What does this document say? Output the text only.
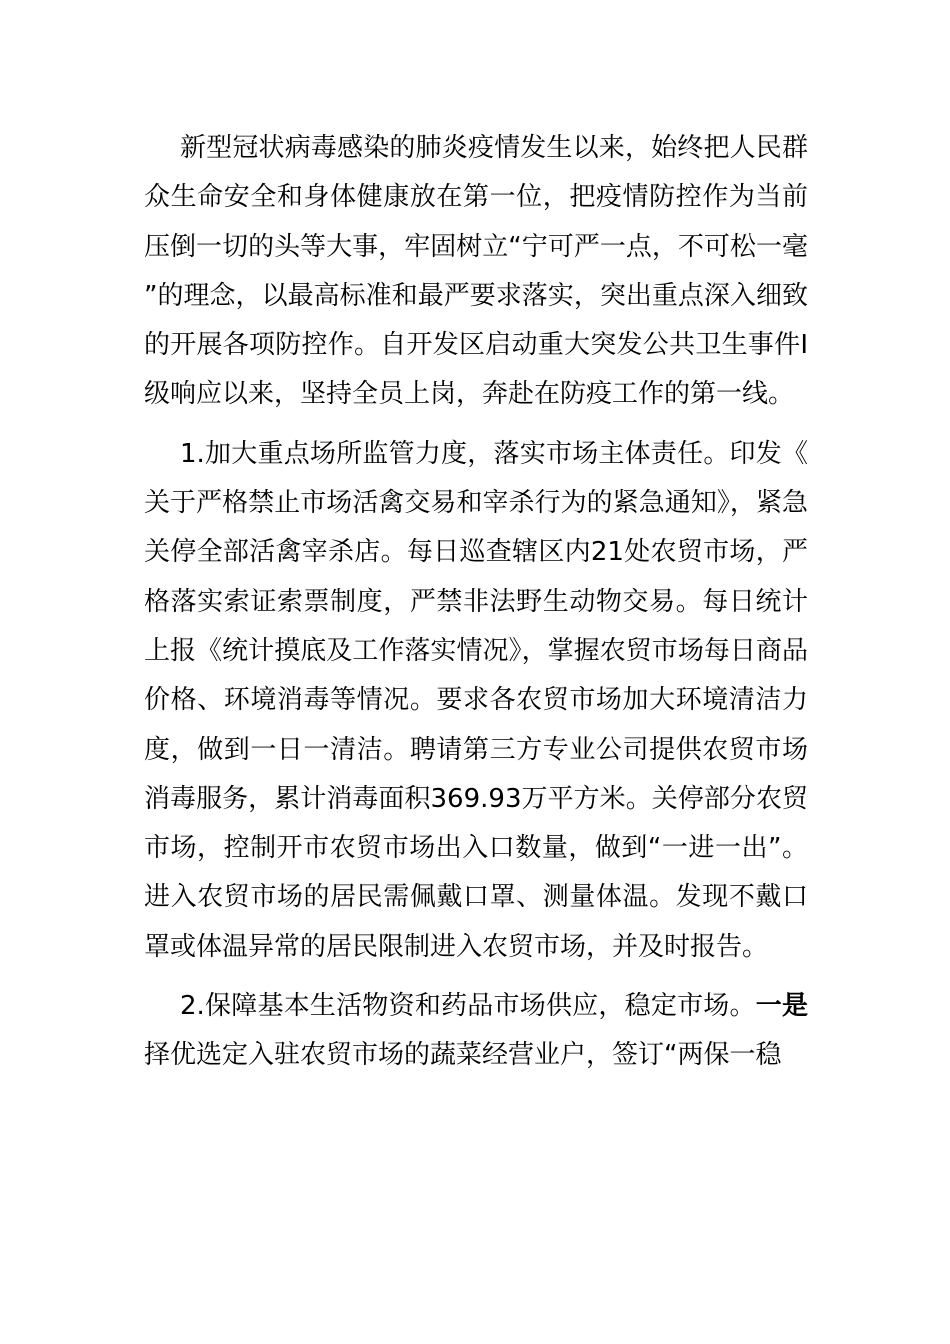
新型冠状病毒感染的肺炎疫情发生以来，始终把人民群众生命安全和身体健康放在第一位，把疫情防控作为当前压倒一切的头等大事，牢固树立“宁可严一点，不可松一毫”的理念，以最高标准和最严要求落实，突出重点深入细致的开展各项防控作。自开发区启动重大突发公共卫生事件Ⅰ级响应以来，坚持全员上岗，奔赴在防疫工作的第一线。

1.加大重点场所监管力度，落实市场主体责任。印发《关于严格禁止市场活禽交易和宰杀行为的紧急通知》，紧急关停全部活禽宰杀店。每日巡查辖区内21处农贸市场，严格落实索证索票制度，严禁非法野生动物交易。每日统计上报《统计摸底及工作落实情况》，掌握农贸市场每日商品价格、环境消毒等情况。要求各农贸市场加大环境清洁力度，做到一日一清洁。聘请第三方专业公司提供农贸市场消毒服务，累计消毒面积369.93万平方米。关停部分农贸市场，控制开市农贸市场出入口数量，做到“一进一出”。进入农贸市场的居民需佩戴口罩、测量体温。发现不戴口罩或体温异常的居民限制进入农贸市场，并及时报告。

2.保障基本生活物资和药品市场供应，稳定市场。一是择优选定入驻农贸市场的蔬菜经营业户，签订“两保一稳
